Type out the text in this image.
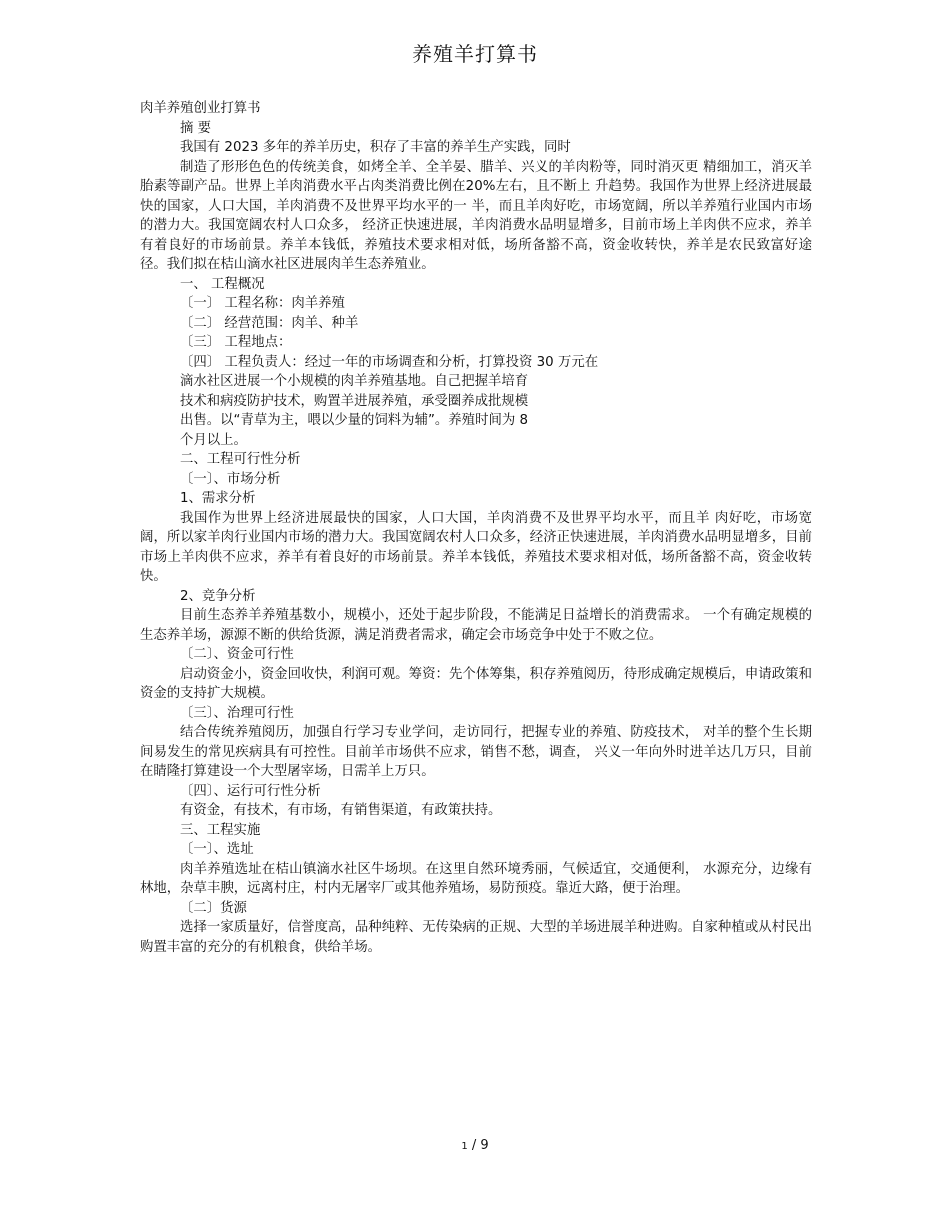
养殖羊打算书

肉羊养殖创业打算书

摘 要

我国有 2023 多年的养羊历史，积存了丰富的养羊生产实践，同时

制造了形形色色的传统美食，如烤全羊、全羊晏、腊羊、兴义的羊肉粉等，同时消灭更 精细加工，消灭羊胎素等副产品。世界上羊肉消费水平占肉类消费比例在20%左右，且不断上 升趋势。我国作为世界上经济进展最快的国家，人口大国，羊肉消费不及世界平均水平的一 半，而且羊肉好吃，市场宽阔，所以羊养殖行业国内市场的潜力大。我国宽阔农村人口众多， 经济正快速进展，羊肉消费水品明显增多，目前市场上羊肉供不应求，养羊有着良好的市场前景。养羊本钱低，养殖技术要求相对低，场所备豁不高，资金收转快，养羊是农民致富好途 径。我们拟在桔山滴水社区进展肉羊生态养殖业。

一、 工程概况

〔一〕 工程名称：肉羊养殖

〔二〕 经营范围：肉羊、种羊

〔三〕 工程地点：

〔四〕 工程负责人：经过一年的市场调查和分析，打算投资 30 万元在

滴水社区进展一个小规模的肉羊养殖基地。自己把握羊培育

技术和病疫防护技术，购置羊进展养殖，承受圈养成批规模

出售。以“青草为主，喂以少量的饲料为辅”。养殖时间为 8

个月以上。

二、工程可行性分析

〔一〕、市场分析

1、需求分析

我国作为世界上经济进展最快的国家，人口大国，羊肉消费不及世界平均水平，而且羊 肉好吃，市场宽阔，所以家羊肉行业国内市场的潜力大。我国宽阔农村人口众多，经济正快速进展，羊肉消费水品明显增多，目前市场上羊肉供不应求，养羊有着良好的市场前景。养羊本钱低，养殖技术要求相对低，场所备豁不高，资金收转快。

2、竞争分析

目前生态养羊养殖基数小，规模小，还处于起步阶段，不能满足日益增长的消费需求。 一个有确定规模的生态养羊场，源源不断的供给货源，满足消费者需求，确定会市场竞争中处于不败之位。

〔二〕、资金可行性

启动资金小，资金回收快，利润可观。筹资：先个体筹集，积存养殖阅历，待形成确定规模后，申请政策和资金的支持扩大规模。

〔三〕、治理可行性

结合传统养殖阅历，加强自行学习专业学问，走访同行，把握专业的养殖、防疫技术， 对羊的整个生长期间易发生的常见疾病具有可控性。目前羊市场供不应求，销售不愁，调查， 兴义一年向外时进羊达几万只，目前在睛隆打算建设一个大型屠宰场，日需羊上万只。

〔四〕、运行可行性分析

有资金，有技术，有市场，有销售渠道，有政策扶持。

三、工程实施

〔一〕、选址

肉羊养殖选址在桔山镇滴水社区牛场坝。在这里自然环境秀丽，气候适宜，交通便利， 水源充分，边缘有林地，杂草丰腴，远离村庄，村内无屠宰厂或其他养殖场，易防预疫。靠近大路，便于治理。

〔二〕货源

选择一家质量好，信誉度高，品种纯粹、无传染病的正规、大型的羊场进展羊种进购。自家种植或从村民出购置丰富的充分的有机粮食，供给羊场。

1 / 9
